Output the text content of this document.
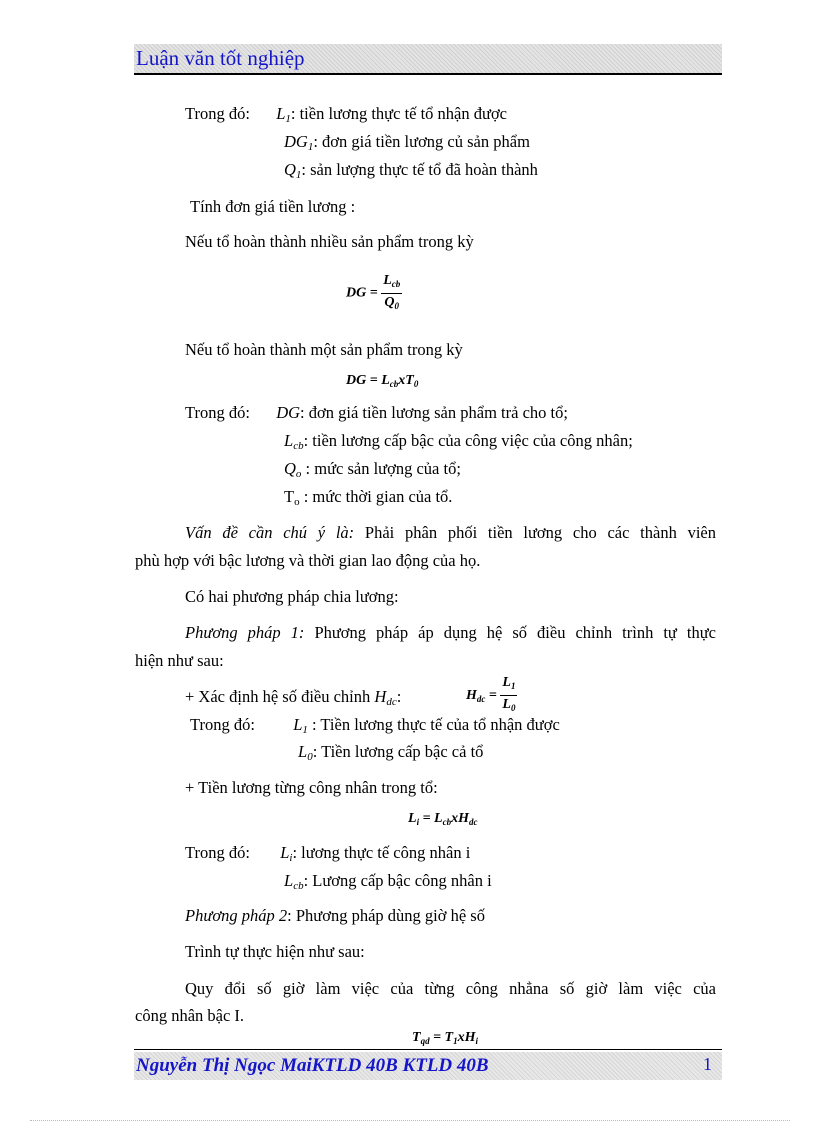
Luận văn tốt nghiệp
Trong đó: $L_1$: tiền lương thực tế tổ nhận được
$DG_1$: đơn giá tiền lương củ sản phẩm
$Q_1$: sản lượng thực tế tổ đã hoàn thành
Tính đơn giá tiền lương :
Nếu tổ hoàn thành nhiều sản phẩm trong kỳ
DG = $\frac{L_{cb}}{Q_0}$
Nếu tổ hoàn thành một sản phẩm trong kỳ
DG = $L_{cb}xT_0$
Trong đó: DG: đơn giá tiền lương sản phẩm trả cho tổ;
$L_{cb}$: tiền lương cấp bậc của công việc của công nhân;
$Q_o$ : mức sản lượng của tổ;
$T_o$ : mức thời gian của tổ.
Vấn đề cần chú ý là: Phải phân phối tiền lương cho các thành viên
phù hợp với bậc lương và thời gian lao động của họ.
Có hai phương pháp chia lương:
Phương pháp 1: Phương pháp áp dụng hệ số điều chỉnh trình tự thực
hiện như sau:
+ Xác định hệ số điều chỉnh $H_{dc}$:	$H_{dc} = \frac{L_1}{L_0}$
Trong đó: $L_1$ : Tiền lương thực tế của tổ nhận được
$L_0$: Tiền lương cấp bậc cả tổ
+ Tiền lương từng công nhân trong tổ:
$L_i = L_{cb}xH_{dc}$
Trong đó: $L_i$: lương thực tế công nhân i
$L_{cb}$: Lương cấp bậc công nhân i
Phương pháp 2: Phương pháp dùng giờ hệ số
Trình tự thực hiện như sau:
Quy đổi số giờ làm việc của từng công nhẳna số giờ làm việc của
công nhân bậc I.
$T_{qd} = T_1xH_i$
Nguyễn Thị Ngọc MaiKTLD 40B KTLD 40B	1
